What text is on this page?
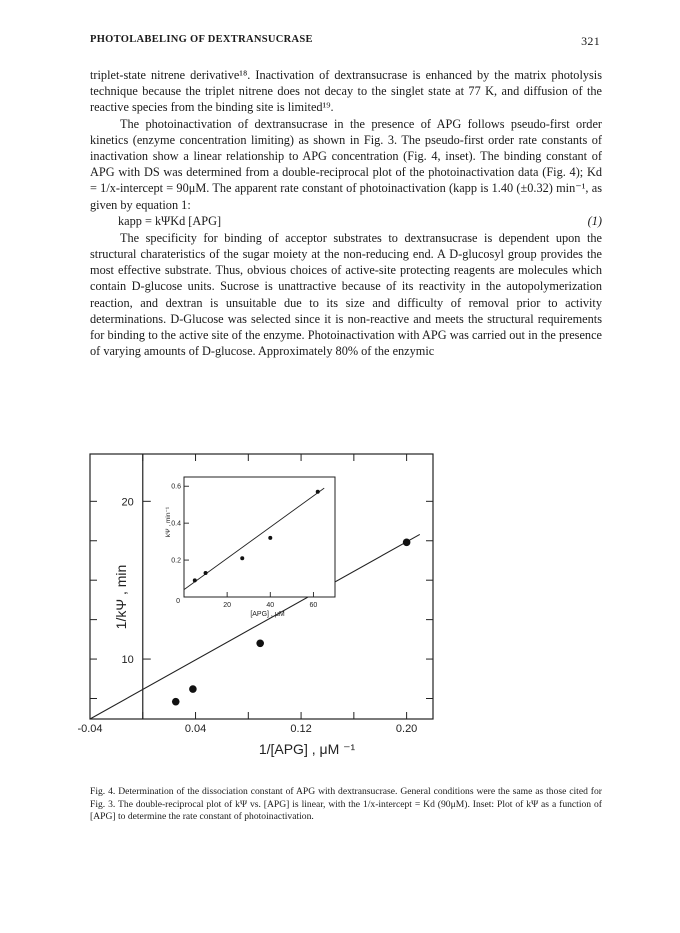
PHOTOLABELING OF DEXTRANSUCRASE	321

triplet-state nitrene derivative¹⁸. Inactivation of dextransucrase is enhanced by the matrix photolysis technique because the triplet nitrene does not decay to the singlet state at 77 K, and diffusion of the reactive species from the binding site is limited¹⁹.

The photoinactivation of dextransucrase in the presence of APG follows pseudo-first order kinetics (enzyme concentration limiting) as shown in Fig. 3. The pseudo-first order rate constants of inactivation show a linear relationship to APG concentration (Fig. 4, inset). The binding constant of APG with DS was determined from a double-reciprocal plot of the photoinactivation data (Fig. 4); Kd = 1/x-intercept = 90μM. The apparent rate constant of photoinactivation (kapp is 1.40 (±0.32) min⁻¹, as given by equation 1:

kapp = kΨKd [APG]	(1)

The specificity for binding of acceptor substrates to dextransucrase is dependent upon the structural charateristics of the sugar moiety at the non-reducing end. A D-glucosyl group provides the most effective substrate. Thus, obvious choices of active-site protecting reagents are molecules which contain D-glucose units. Sucrose is unattractive because of its reactivity in the autopolymerization reaction, and dextran is unsuitable due to its size and difficulty of removal prior to activity determinations. D-Glucose was selected since it is non-reactive and meets the structural requirements for binding to the active site of the enzyme. Photoinactivation with APG was carried out in the presence of varying amounts of D-glucose. Approximately 80% of the enzymic

-0.04	0.04	0.12	0.20
10
20
1/[APG] , μM ⁻¹
1/kΨ , min	20	40	60
0
0.2
0.4
0.6
[APG] , μM
kΨ , min⁻¹
Fig. 4. Determination of the dissociation constant of APG with dextransucrase. General conditions were the same as those cited for Fig. 3. The double-reciprocal plot of kΨ vs. [APG] is linear, with the 1/x-intercept = Kd (90μM). Inset: Plot of kΨ as a function of [APG] to determine the rate constant of photoinactivation.
